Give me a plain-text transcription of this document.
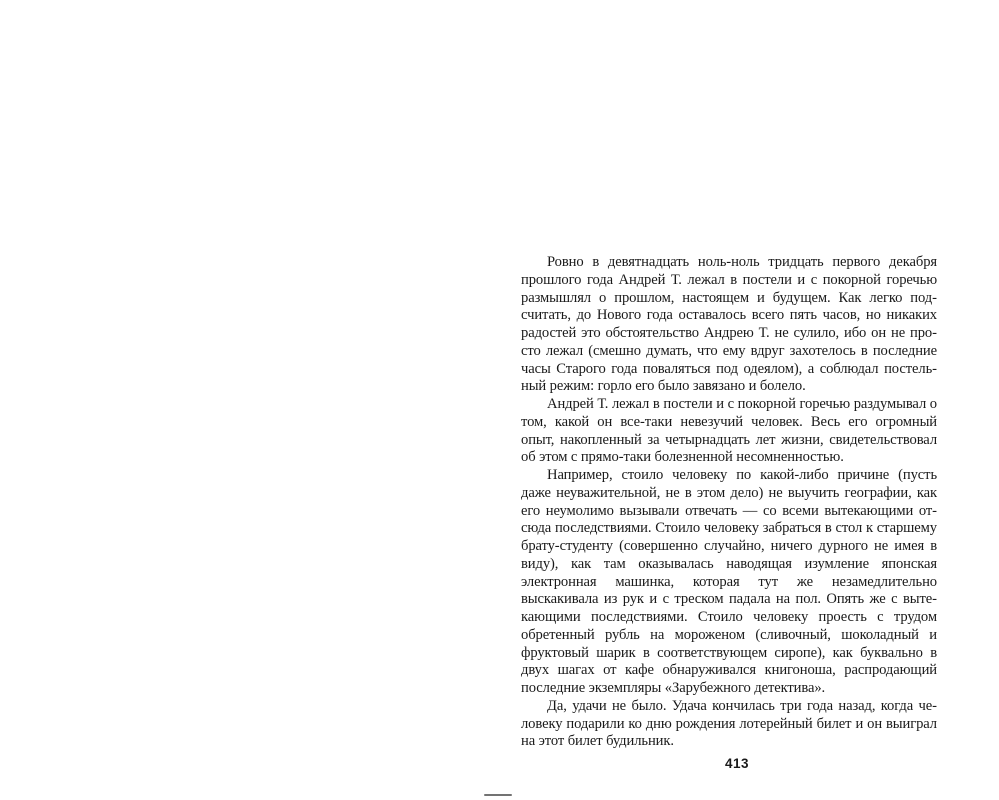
Ровно в девятнадцать ноль-ноль тридцать первого декабря прошлого года Андрей Т. лежал в постели и с покорной горечью размышлял о прошлом, настоящем и будущем. Как легко подсчитать, до Нового года оставалось всего пять часов, но никаких радостей это обстоятельство Андрею Т. не сулило, ибо он не просто лежал (смешно думать, что ему вдруг захотелось в последние часы Старого года поваляться под одеялом), а соблюдал постельный режим: горло его было завязано и болело.

Андрей Т. лежал в постели и с покорной горечью раздумывал о том, какой он все-таки невезучий человек. Весь его огромный опыт, накопленный за четырнадцать лет жизни, свидетельствовал об этом с прямо-таки болезненной несомненностью.

Например, стоило человеку по какой-либо причине (пусть даже неуважительной, не в этом дело) не выучить географии, как его неумолимо вызывали отвечать — со всеми вытекающими отсюда последствиями. Стоило человеку забраться в стол к старшему брату-студенту (совершенно случайно, ничего дурного не имея в виду), как там оказывалась наводящая изумление японская электронная машинка, которая тут же незамедлительно выскакивала из рук и с треском падала на пол. Опять же с вытекающими последствиями. Стоило человеку проесть с трудом обретенный рубль на мороженом (сливочный, шоколадный и фруктовый шарик в соответствующем сиропе), как буквально в двух шагах от кафе обнаруживался книгоноша, распродающий последние экземпляры «Зарубежного детектива».

Да, удачи не было. Удача кончилась три года назад, когда человеку подарили ко дню рождения лотерейный билет и он выиграл на этот билет будильник.

413
